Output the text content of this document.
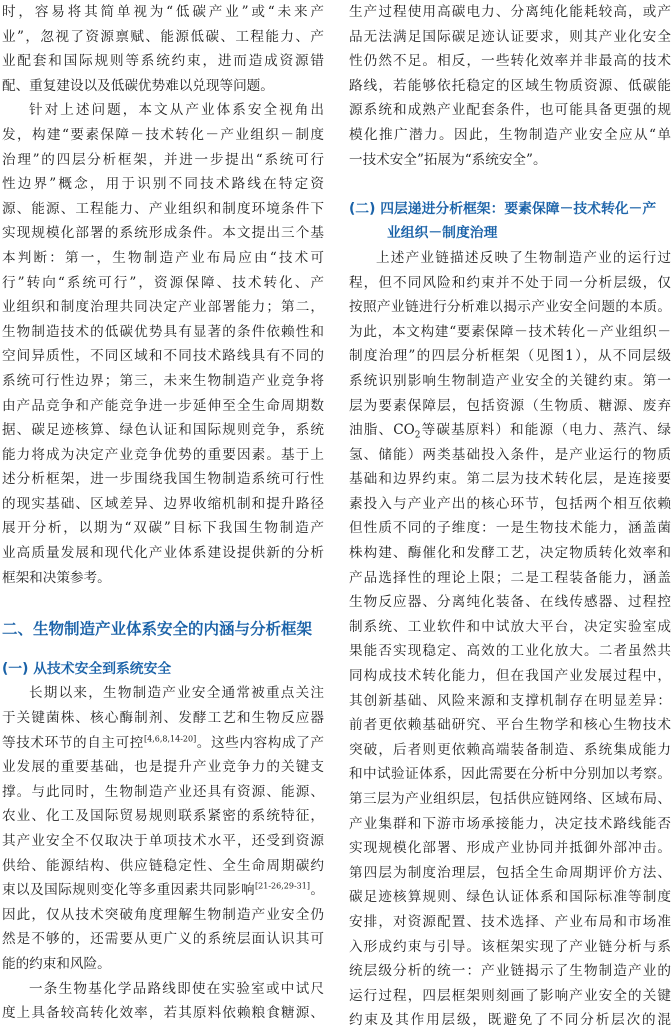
时，容易将其简单视为“低碳产业”或“未来产
业”，忽视了资源禀赋、能源低碳、工程能力、产
业配套和国际规则等系统约束，进而造成资源错
配、重复建设以及低碳优势难以兑现等问题。
针对上述问题，本文从产业体系安全视角出
发，构建“要素保障－技术转化－产业组织－制度
治理”的四层分析框架，并进一步提出“系统可行
性边界”概念，用于识别不同技术路线在特定资
源、能源、工程能力、产业组织和制度环境条件下
实现规模化部署的系统形成条件。本文提出三个基
本判断：第一，生物制造产业布局应由“技术可
行”转向“系统可行”，资源保障、技术转化、产
业组织和制度治理共同决定产业部署能力；第二，
生物制造技术的低碳优势具有显著的条件依赖性和
空间异质性，不同区域和不同技术路线具有不同的
系统可行性边界；第三，未来生物制造产业竞争将
由产品竞争和产能竞争进一步延伸至全生命周期数
据、碳足迹核算、绿色认证和国际规则竞争，系统
能力将成为决定产业竞争优势的重要因素。基于上
述分析框架，进一步围绕我国生物制造系统可行性
的现实基础、区域差异、边界收缩机制和提升路径
展开分析，以期为“双碳”目标下我国生物制造产
业高质量发展和现代化产业体系建设提供新的分析
框架和决策参考。
二、生物制造产业体系安全的内涵与分析框架
(一) 从技术安全到系统安全
长期以来，生物制造产业安全通常被重点关注
于关键菌株、核心酶制剂、发酵工艺和生物反应器
等技术环节的自主可控[4,6,8,14-20]。这些内容构成了产
业发展的重要基础，也是提升产业竞争力的关键支
撑。与此同时，生物制造产业还具有资源、能源、
农业、化工及国际贸易规则联系紧密的系统特征，
其产业安全不仅取决于单项技术水平，还受到资源
供给、能源结构、供应链稳定性、全生命周期碳约
束以及国际规则变化等多重因素共同影响[21-26,29-31]。
因此，仅从技术突破角度理解生物制造产业安全仍
然是不够的，还需要从更广义的系统层面认识其可
能的约束和风险。
一条生物基化学品路线即使在实验室或中试尺
度上具备较高转化效率，若其原料依赖粮食糖源、
生产过程使用高碳电力、分离纯化能耗较高，或产
品无法满足国际碳足迹认证要求，则其产业化安全
性仍然不足。相反，一些转化效率并非最高的技术
路线，若能够依托稳定的区域生物质资源、低碳能
源系统和成熟产业配套条件，也可能具备更强的规
模化推广潜力。因此，生物制造产业安全应从“单
一技术安全”拓展为“系统安全”。
(二) 四层递进分析框架：要素保障－技术转化－产
业组织－制度治理
上述产业链描述反映了生物制造产业的运行过
程，但不同风险和约束并不处于同一分析层级，仅
按照产业链进行分析难以揭示产业安全问题的本质。
为此，本文构建“要素保障－技术转化－产业组织－
制度治理”的四层分析框架（见图1），从不同层级
系统识别影响生物制造产业安全的关键约束。第一
层为要素保障层，包括资源（生物质、糖源、废弃
油脂、$CO_2$等碳基原料）和能源（电力、蒸汽、绿
氢、储能）两类基础投入条件，是产业运行的物质
基础和边界约束。第二层为技术转化层，是连接要
素投入与产业产出的核心环节，包括两个相互依赖
但性质不同的子维度：一是生物技术能力，涵盖菌
株构建、酶催化和发酵工艺，决定物质转化效率和
产品选择性的理论上限；二是工程装备能力，涵盖
生物反应器、分离纯化装备、在线传感器、过程控
制系统、工业软件和中试放大平台，决定实验室成
果能否实现稳定、高效的工业化放大。二者虽然共
同构成技术转化能力，但在我国产业发展过程中，
其创新基础、风险来源和支撑机制存在明显差异：
前者更依赖基础研究、平台生物学和核心生物技术
突破，后者则更依赖高端装备制造、系统集成能力
和中试验证体系，因此需要在分析中分别加以考察。
第三层为产业组织层，包括供应链网络、区域布局、
产业集群和下游市场承接能力，决定技术路线能否
实现规模化部署、形成产业协同并抵御外部冲击。
第四层为制度治理层，包括全生命周期评价方法、
碳足迹核算规则、绿色认证体系和国际标准等制度
安排，对资源配置、技术选择、产业布局和市场准
入形成约束与引导。该框架实现了产业链分析与系
统层级分析的统一：产业链揭示了生物制造产业的
运行过程，四层框架则刻画了影响产业安全的关键
约束及其作用层级，既避免了不同分析层次的混
